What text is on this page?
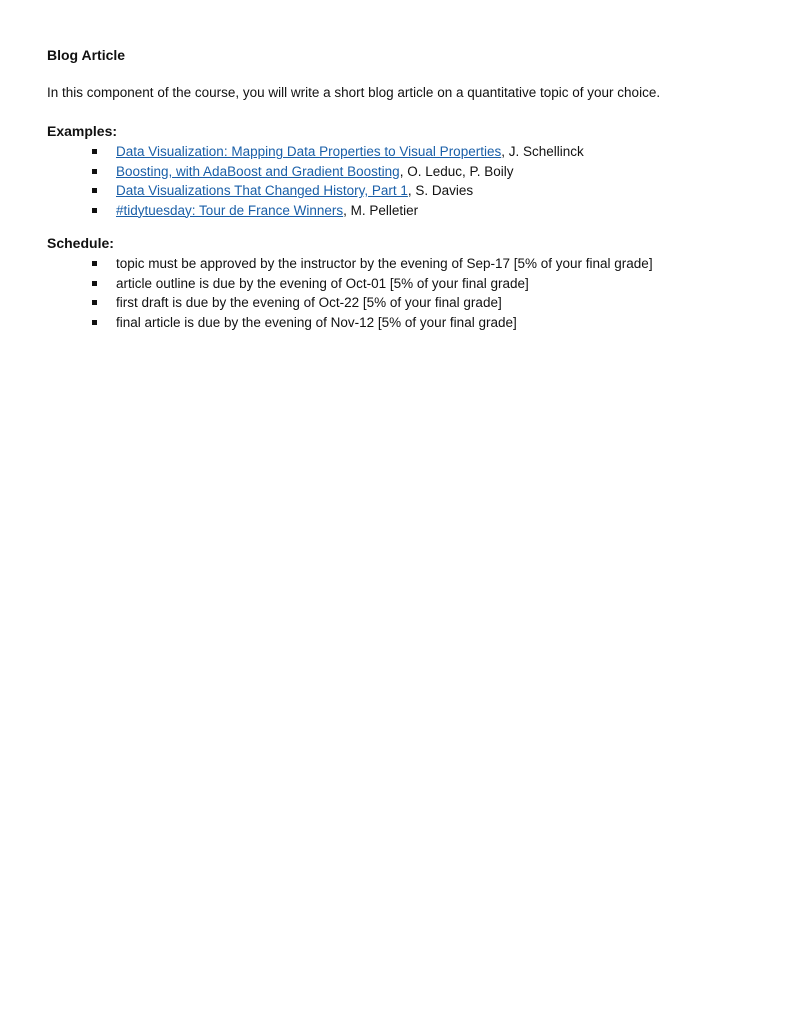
Blog Article
In this component of the course, you will write a short blog article on a quantitative topic of your choice.
Examples:
Data Visualization: Mapping Data Properties to Visual Properties, J. Schellinck
Boosting, with AdaBoost and Gradient Boosting, O. Leduc, P. Boily
Data Visualizations That Changed History, Part 1, S. Davies
#tidytuesday: Tour de France Winners, M. Pelletier
Schedule:
topic must be approved by the instructor by the evening of Sep-17 [5% of your final grade]
article outline is due by the evening of Oct-01 [5% of your final grade]
first draft is due by the evening of Oct-22 [5% of your final grade]
final article is due by the evening of Nov-12 [5% of your final grade]
